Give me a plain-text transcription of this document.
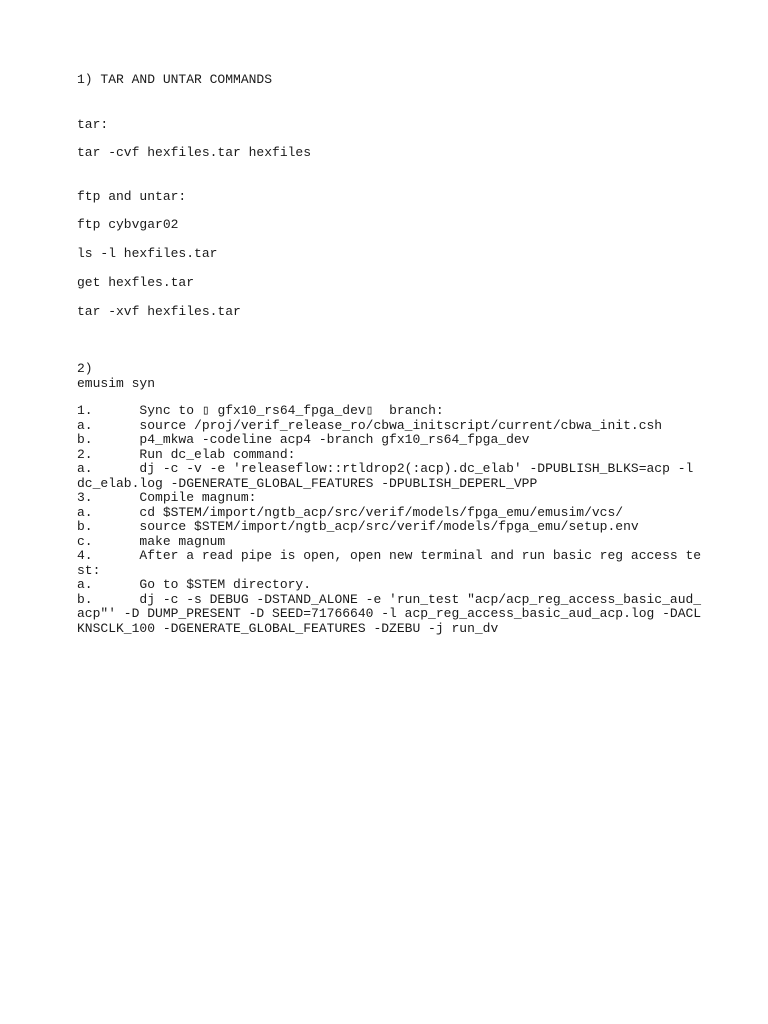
1) TAR AND UNTAR COMMANDS
tar:
tar -cvf hexfiles.tar hexfiles
ftp and untar:
ftp cybvgar02
ls -l hexfiles.tar
get hexfles.tar
tar -xvf hexfiles.tar
2)
emusim syn
1.      Sync to ▯ gfx10_rs64_fpga_dev▯  branch:
a.      source /proj/verif_release_ro/cbwa_initscript/current/cbwa_init.csh
b.      p4_mkwa -codeline acp4 -branch gfx10_rs64_fpga_dev
2.      Run dc_elab command:
a.      dj -c -v -e 'releaseflow::rtldrop2(:acp).dc_elab' -DPUBLISH_BLKS=acp -l
dc_elab.log -DGENERATE_GLOBAL_FEATURES -DPUBLISH_DEPERL_VPP
3.      Compile magnum:
a.      cd $STEM/import/ngtb_acp/src/verif/models/fpga_emu/emusim/vcs/
b.      source $STEM/import/ngtb_acp/src/verif/models/fpga_emu/setup.env
c.      make magnum
4.      After a read pipe is open, open new terminal and run basic reg access te
st:
a.      Go to $STEM directory.
b.      dj -c -s DEBUG -DSTAND_ALONE -e 'run_test "acp/acp_reg_access_basic_aud_
acp"' -D DUMP_PRESENT -D SEED=71766640 -l acp_reg_access_basic_aud_acp.log -DACL
KNSCLK_100 -DGENERATE_GLOBAL_FEATURES -DZEBU -j run_dv
